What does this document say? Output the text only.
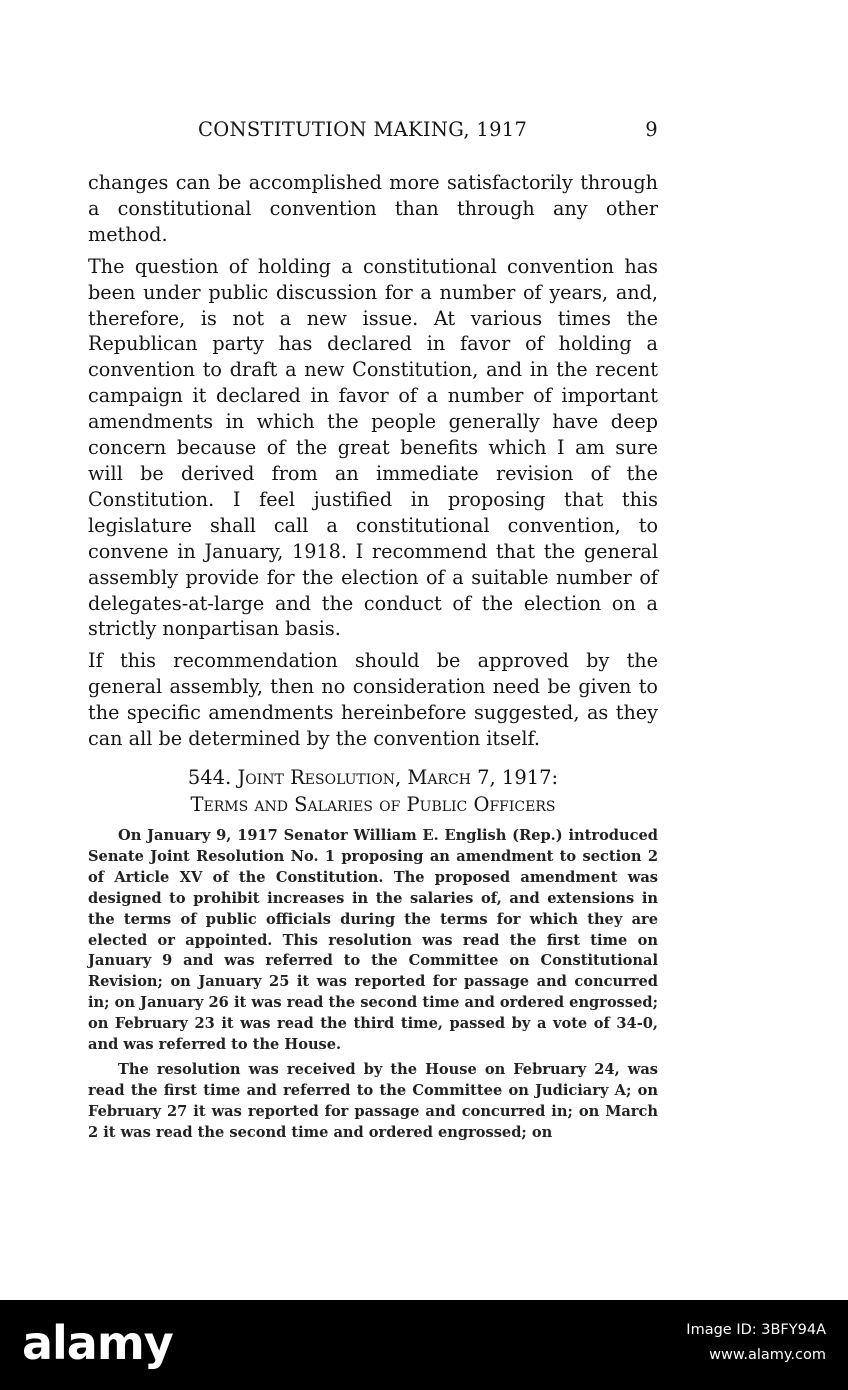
CONSTITUTION MAKING, 1917	9

changes can be accomplished more satisfactorily through a constitutional convention than through any other method.

The question of holding a constitutional convention has been under public discussion for a number of years, and, therefore, is not a new issue. At various times the Republican party has declared in favor of holding a convention to draft a new Constitution, and in the recent campaign it declared in favor of a number of important amendments in which the people generally have deep concern because of the great benefits which I am sure will be derived from an immediate revision of the Constitution. I feel justified in proposing that this legislature shall call a constitutional convention, to convene in January, 1918. I recommend that the general assembly provide for the election of a suitable number of delegates-at-large and the conduct of the election on a strictly nonpartisan basis.

If this recommendation should be approved by the general assembly, then no consideration need be given to the specific amendments hereinbefore suggested, as they can all be determined by the convention itself.

544. Joint Resolution, March 7, 1917:
Terms and Salaries of Public Officers

On January 9, 1917 Senator William E. English (Rep.) introduced Senate Joint Resolution No. 1 proposing an amendment to section 2 of Article XV of the Constitution. The proposed amendment was designed to prohibit increases in the salaries of, and extensions in the terms of public officials during the terms for which they are elected or appointed. This resolution was read the first time on January 9 and was referred to the Committee on Constitutional Revision; on January 25 it was reported for passage and concurred in; on January 26 it was read the second time and ordered engrossed; on February 23 it was read the third time, passed by a vote of 34-0, and was referred to the House.

The resolution was received by the House on February 24, was read the first time and referred to the Committee on Judiciary A; on February 27 it was reported for passage and concurred in; on March 2 it was read the second time and ordered engrossed; on

alamy	Image ID: 3BFY94A
www.alamy.com
